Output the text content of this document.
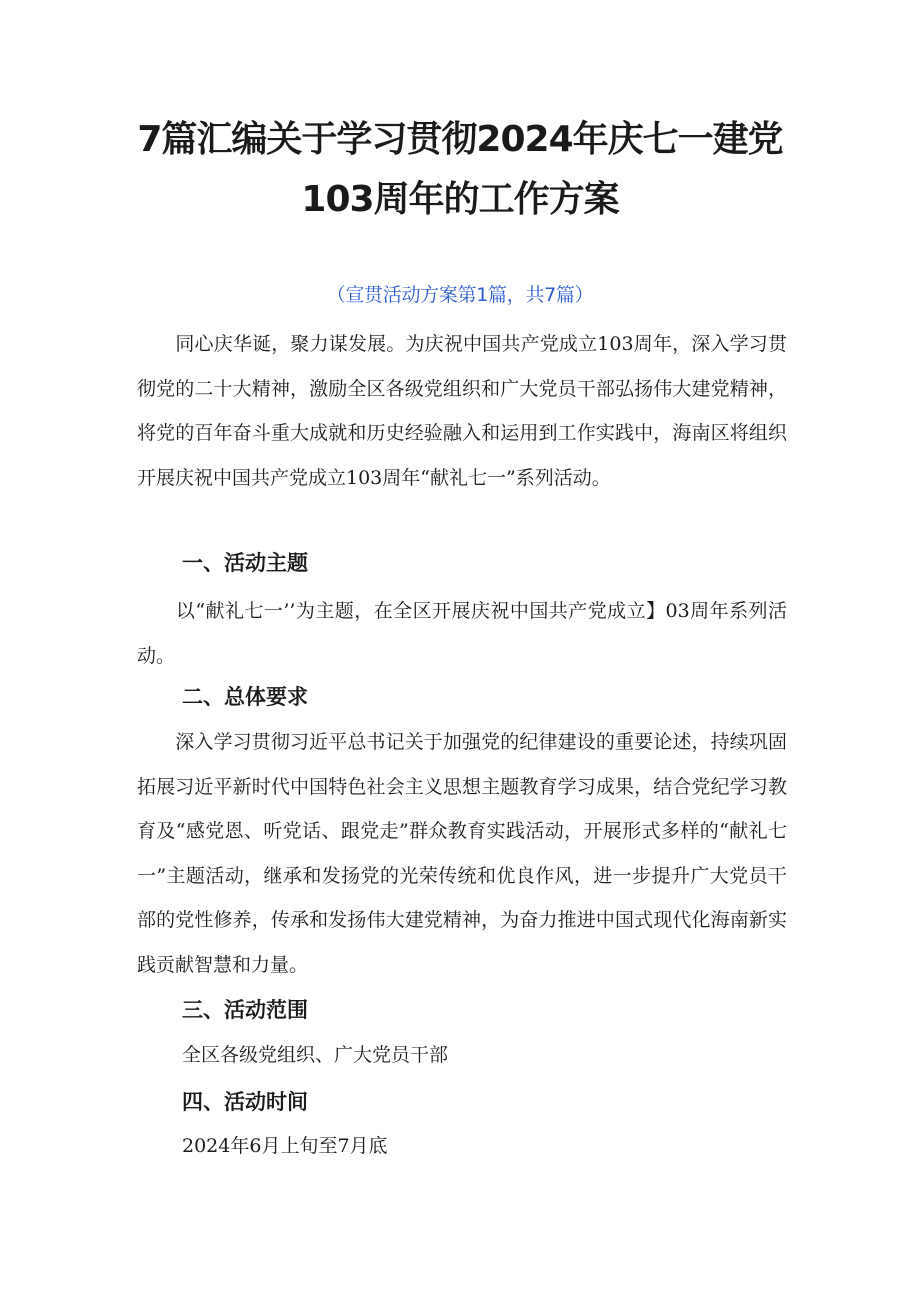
7篇汇编关于学习贯彻2024年庆七一建党
103周年的工作方案
（宣贯活动方案第1篇，共7篇）

　　同心庆华诞，聚力谋发展。为庆祝中国共产党成立103周年，深入学习贯彻党的二十大精神，激励全区各级党组织和广大党员干部弘扬伟大建党精神，将党的百年奋斗重大成就和历史经验融入和运用到工作实践中，海南区将组织开展庆祝中国共产党成立103周年“献礼七一”系列活动。

一、活动主题

　　以“献礼七一’’为主题，在全区开展庆祝中国共产党成立】03周年系列活动。

二、总体要求

　　深入学习贯彻习近平总书记关于加强党的纪律建设的重要论述，持续巩固拓展习近平新时代中国特色社会主义思想主题教育学习成果，结合党纪学习教育及“感党恩、听党话、跟党走”群众教育实践活动，开展形式多样的“献礼七一”主题活动，继承和发扬党的光荣传统和优良作风，进一步提升广大党员干部的党性修养，传承和发扬伟大建党精神，为奋力推进中国式现代化海南新实践贡献智慧和力量。

三、活动范围
全区各级党组织、广大党员干部
四、活动时间
2024年6月上旬至7月底
